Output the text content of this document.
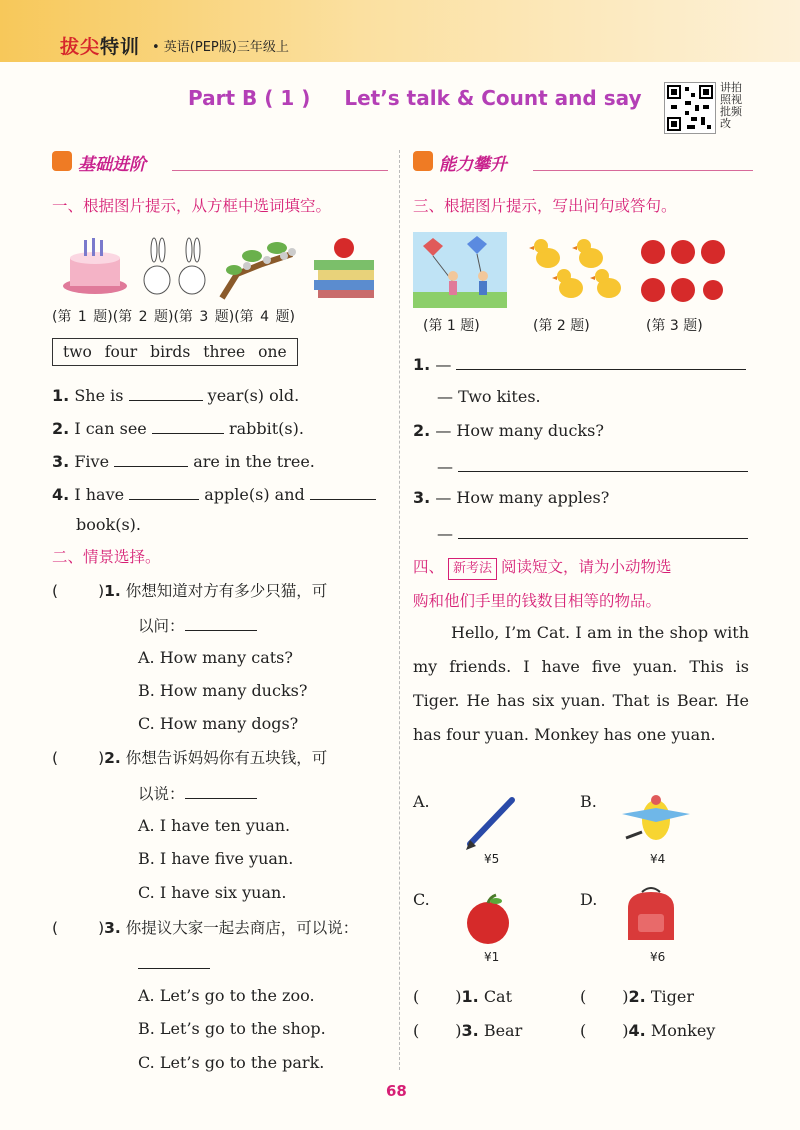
拔尖特训 • 英语(PEP版)三年级上
Part B ( 1 ) Let’s talk & Count and say	讲拍照视批频改
基础进阶
一、根据图片提示，从方框中选词填空。
(第 1 题)(第 2 题)(第 3 题)(第 4 题)
two four birds three one
1. She is	year(s) old.
2. I can see	rabbit(s).
3. Five	are in the tree.
4. I have	apple(s) and
book(s).
二、情景选择。
(	)1. 你想知道对方有多少只猫，可
以问：
A. How many cats?
B. How many ducks?
C. How many dogs?
(	)2. 你想告诉妈妈你有五块钱，可
以说：
A. I have ten yuan.
B. I have five yuan.
C. I have six yuan.
(	)3. 你提议大家一起去商店，可以说：
A. Let’s go to the zoo.
B. Let’s go to the shop.
C. Let’s go to the park.
能力攀升
三、根据图片提示，写出问句或答句。
(第 1 题)	(第 2 题)	(第 3 题)
1. —
— Two kites.
2. — How many ducks?
—
3. — How many apples?
—
四、 新考法 阅读短文，请为小动物选
购和他们手里的钱数目相等的物品。
Hello, I’m Cat. I am in the shop with my friends. I have five yuan. This is Tiger. He has six yuan. That is Bear. He has four yuan. Monkey has one yuan.
A.
¥5
B.
¥4
C.
¥1
D.
¥6
( )1. Cat	( )2. Tiger
( )3. Bear	( )4. Monkey
68
